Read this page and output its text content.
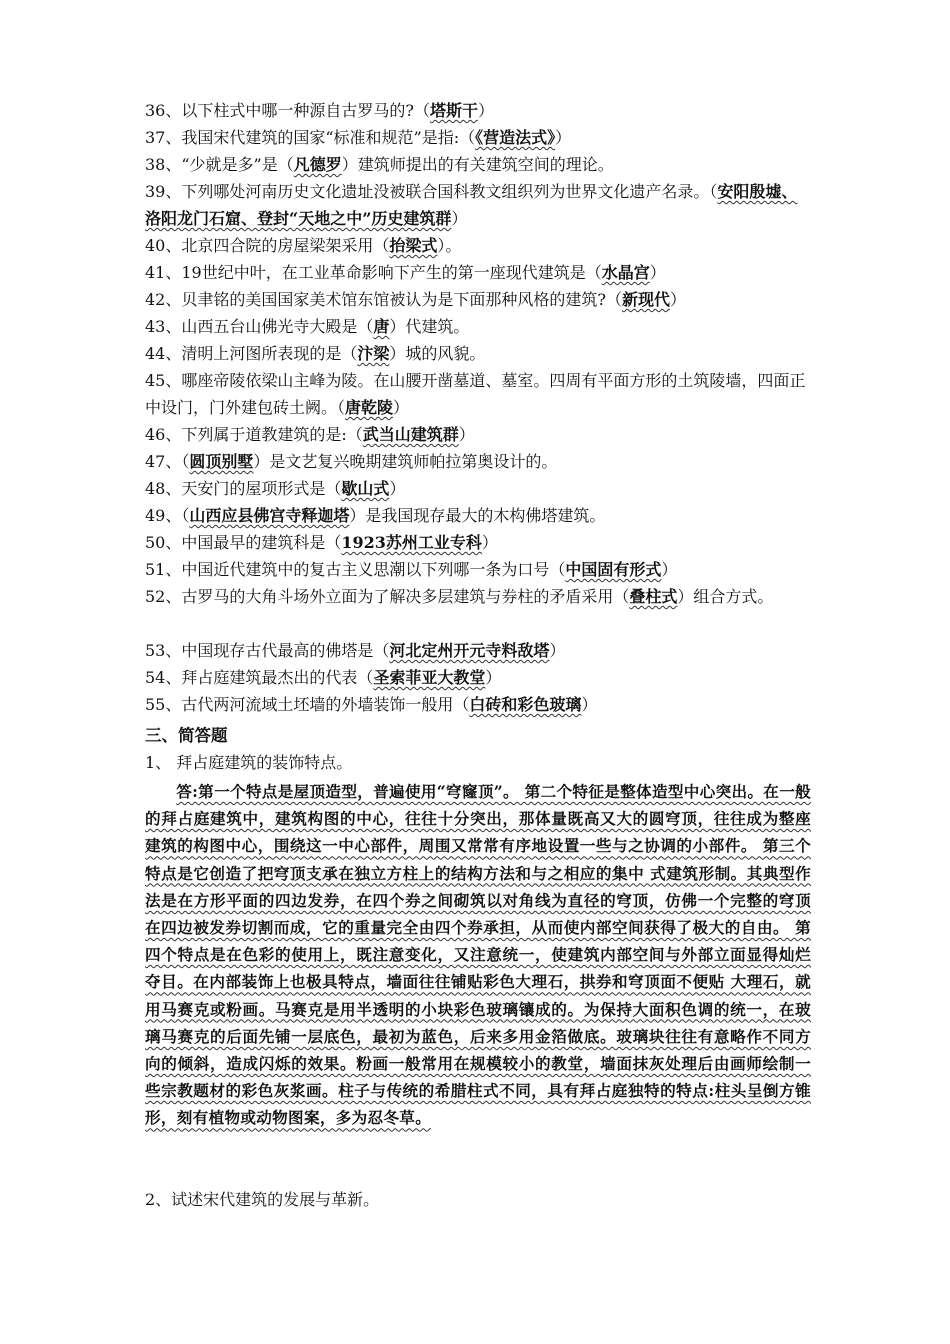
36、以下柱式中哪一种源自古罗马的?（塔斯干）
37、我国宋代建筑的国家“标准和规范”是指:（《营造法式》）
38、“少就是多”是（凡德罗）建筑师提出的有关建筑空间的理论。
39、下列哪处河南历史文化遗址没被联合国科教文组织列为世界文化遗产名录。（安阳殷墟、洛阳龙门石窟、登封“天地之中”历史建筑群）
40、北京四合院的房屋梁架采用（抬梁式）。
41、19世纪中叶，在工业革命影响下产生的第一座现代建筑是（水晶宫）
42、贝聿铭的美国国家美术馆东馆被认为是下面那种风格的建筑?（新现代）
43、山西五台山佛光寺大殿是（唐）代建筑。
44、清明上河图所表现的是（汴梁）城的风貌。
45、哪座帝陵依梁山主峰为陵。在山腰开凿墓道、墓室。四周有平面方形的土筑陵墙，四面正中设门，门外建包砖土阙。（唐乾陵）
46、下列属于道教建筑的是:（武当山建筑群）
47、（圆顶别墅）是文艺复兴晚期建筑师帕拉第奥设计的。
48、天安门的屋项形式是（歇山式）
49、（山西应县佛宫寺释迦塔）是我国现存最大的木构佛塔建筑。
50、中国最早的建筑科是（1923苏州工业专科）
51、中国近代建筑中的复古主义思潮以下列哪一条为口号（中国固有形式）
52、古罗马的大角斗场外立面为了解决多层建筑与券柱的矛盾采用（叠柱式）组合方式。
53、中国现存古代最高的佛塔是（河北定州开元寺料敌塔）
54、拜占庭建筑最杰出的代表（圣索菲亚大教堂）
55、古代两河流域土坯墙的外墙装饰一般用（白砖和彩色玻璃）
三、简答题
1、 拜占庭建筑的装饰特点。
答:第一个特点是屋顶造型，普遍使用“穹窿顶”。 第二个特征是整体造型中心突出。在一般的拜占庭建筑中，建筑构图的中心，往往十分突出，那体量既高又大的圆穹顶，往往成为整座建筑的构图中心，围绕这一中心部件，周围又常常有序地设置一些与之协调的小部件。 第三个特点是它创造了把穹顶支承在独立方柱上的结构方法和与之相应的集中 式建筑形制。其典型作法是在方形平面的四边发券，在四个券之间砌筑以对角线为直径的穹顶，仿佛一个完整的穹顶在四边被发券切割而成，它的重量完全由四个券承担，从而使内部空间获得了极大的自由。 第四个特点是在色彩的使用上，既注意变化，又注意统一，使建筑内部空间与外部立面显得灿烂夺目。在内部装饰上也极具特点，墙面往往铺贴彩色大理石，拱券和穹顶面不便贴 大理石，就用马赛克或粉画。马赛克是用半透明的小块彩色玻璃镶成的。为保持大面积色调的统一，在玻璃马赛克的后面先铺一层底色，最初为蓝色，后来多用金箔做底。玻璃块往往有意略作不同方向的倾斜，造成闪烁的效果。粉画一般常用在规模较小的教堂，墙面抹灰处理后由画师绘制一些宗教题材的彩色灰浆画。柱子与传统的希腊柱式不同，具有拜占庭独特的特点:柱头呈倒方锥形，刻有植物或动物图案，多为忍冬草。
2、试述宋代建筑的发展与革新。
